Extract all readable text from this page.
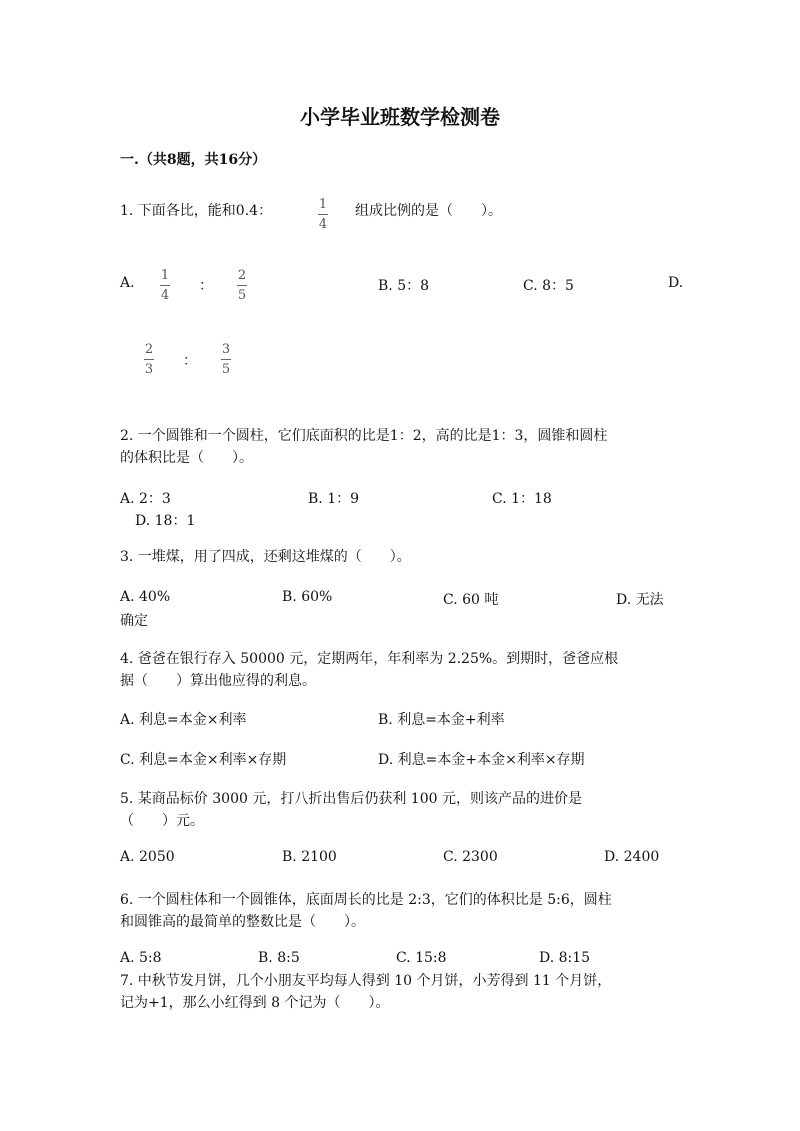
小学毕业班数学检测卷
一.（共8题，共16分）
1. 下面各比，能和0.4：	1
4
组成比例的是（　　）。
A. 1
4
：
2
5
B. 5：8	C. 8：5	D.
2
3
：
3
5
2. 一个圆锥和一个圆柱，它们底面积的比是1：2，高的比是1：3，圆锥和圆柱
的体积比是（　　）。
A. 2：3	B. 1：9	C. 1：18
D. 18：1
3. 一堆煤，用了四成，还剩这堆煤的（　　）。
A. 40%	B. 60%	C. 60 吨	D. 无法
确定
4. 爸爸在银行存入 50000 元，定期两年，年利率为 2.25%。到期时，爸爸应根
据（　　）算出他应得的利息。
A. 利息=本金×利率	B. 利息=本金+利率
C. 利息=本金×利率×存期	D. 利息=本金+本金×利率×存期
5. 某商品标价 3000 元，打八折出售后仍获利 100 元，则该产品的进价是
（　　）元。
A. 2050	B. 2100	C. 2300	D. 2400
6. 一个圆柱体和一个圆锥体，底面周长的比是 2:3，它们的体积比是 5:6，圆柱
和圆锥高的最简单的整数比是（　　）。
A. 5:8	B. 8:5	C. 15:8	D. 8:15
7. 中秋节发月饼，几个小朋友平均每人得到 10 个月饼，小芳得到 11 个月饼，
记为+1，那么小红得到 8 个记为（　　）。
